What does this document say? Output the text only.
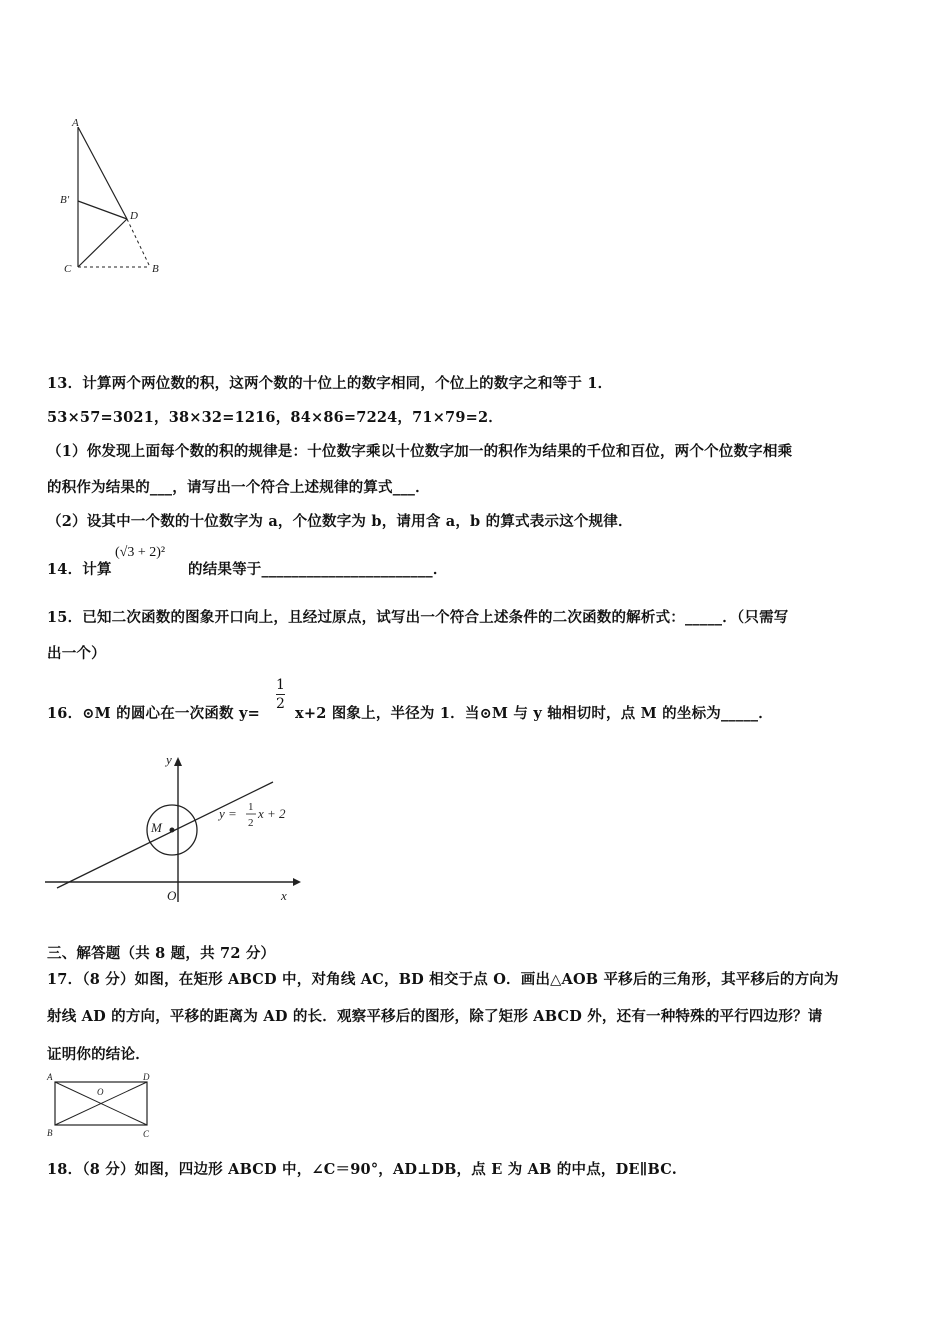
A
B′
D
C	B
13．计算两个两位数的积，这两个数的十位上的数字相同，个位上的数字之和等于 1．
53×57=3021，38×32=1216，84×86=7224，71×79=2．
（1）你发现上面每个数的积的规律是：十位数字乘以十位数字加一的积作为结果的千位和百位，两个个位数字相乘
的积作为结果的___，请写出一个符合上述规律的算式___．
（2）设其中一个数的十位数字为 a，个位数字为 b，请用含 a，b 的算式表示这个规律．
14．计算
(√3 + 2)²
的结果等于_______________________．
15．已知二次函数的图象开口向上，且经过原点，试写出一个符合上述条件的二次函数的解析式：_____．（只需写
出一个）
16．⊙M 的圆心在一次函数 y=
$\frac{1}{2}$
x+2 图象上，半径为 1．当⊙M 与 y 轴相切时，点 M 的坐标为_____．
y
x
O
M
y = 1
2
x + 2
三、解答题（共 8 题，共 72 分）
17．（8 分）如图，在矩形 ABCD 中，对角线 AC，BD 相交于点 O．画出△AOB 平移后的三角形，其平移后的方向为
射线 AD 的方向，平移的距离为 AD 的长．观察平移后的图形，除了矩形 ABCD 外，还有一种特殊的平行四边形？请
证明你的结论．
A	D
O
B	C
18．（8 分）如图，四边形 ABCD 中，∠C＝90°，AD⊥DB，点 E 为 AB 的中点，DE∥BC.
